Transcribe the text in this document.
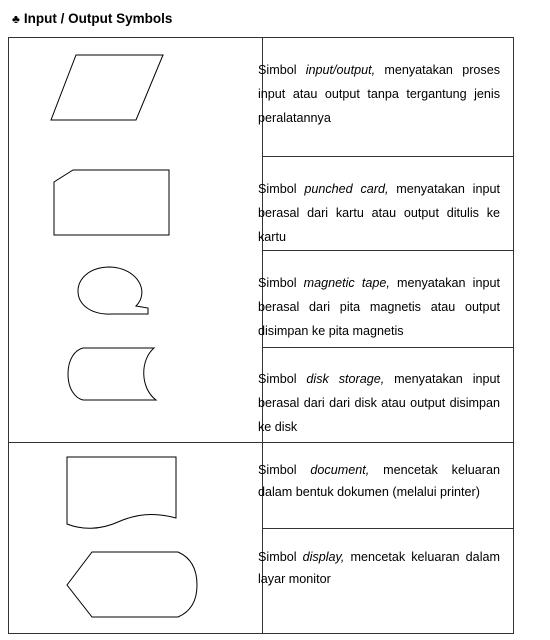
♣ Input / Output Symbols
Simbol input/output, menyatakan proses input atau output tanpa tergantung jenis peralatannya
Simbol punched card, menyatakan input berasal dari kartu atau output ditulis ke kartu
Simbol magnetic tape, menyatakan input berasal dari pita magnetis atau output disimpan ke pita magnetis
Simbol disk storage, menyatakan input berasal dari dari disk atau output disimpan ke disk
Simbol document, mencetak keluaran dalam bentuk dokumen (melalui printer)
Simbol display, mencetak keluaran dalam layar monitor
